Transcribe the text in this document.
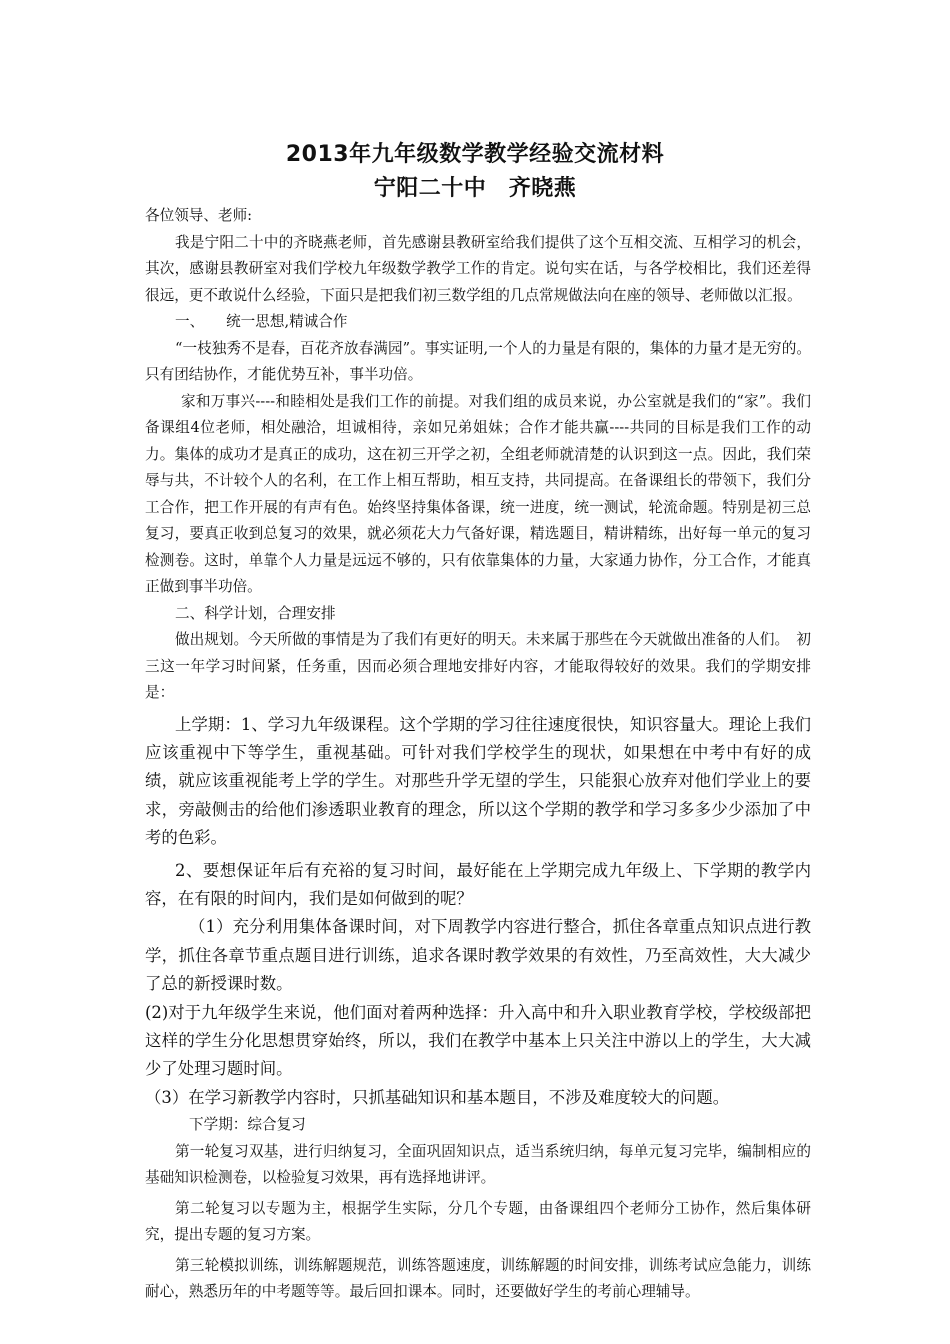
2013年九年级数学教学经验交流材料
宁阳二十中　齐晓燕

各位领导、老师:

我是宁阳二十中的齐晓燕老师，首先感谢县教研室给我们提供了这个互相交流、互相学习的机会，其次，感谢县教研室对我们学校九年级数学教学工作的肯定。说句实在话，与各学校相比，我们还差得很远，更不敢说什么经验，下面只是把我们初三数学组的几点常规做法向在座的领导、老师做以汇报。

一、　　统一思想,精诚合作

“一枝独秀不是春，百花齐放春满园”。事实证明,一个人的力量是有限的，集体的力量才是无穷的。只有团结协作，才能优势互补，事半功倍。

家和万事兴----和睦相处是我们工作的前提。对我们组的成员来说，办公室就是我们的“家”。我们备课组4位老师，相处融洽，坦诚相待，亲如兄弟姐妹；合作才能共赢----共同的目标是我们工作的动力。集体的成功才是真正的成功，这在初三开学之初，全组老师就清楚的认识到这一点。因此，我们荣辱与共，不计较个人的名利，在工作上相互帮助，相互支持，共同提高。在备课组长的带领下，我们分工合作，把工作开展的有声有色。始终坚持集体备课，统一进度，统一测试，轮流命题。特别是初三总复习，要真正收到总复习的效果，就必须花大力气备好课，精选题目，精讲精练，出好每一单元的复习检测卷。这时，单靠个人力量是远远不够的，只有依靠集体的力量，大家通力协作，分工合作，才能真正做到事半功倍。

二、科学计划，合理安排

做出规划。今天所做的事情是为了我们有更好的明天。未来属于那些在今天就做出准备的人们。　初三这一年学习时间紧，任务重，因而必须合理地安排好内容，才能取得较好的效果。我们的学期安排是：

上学期：1、学习九年级课程。这个学期的学习往往速度很快，知识容量大。理论上我们应该重视中下等学生，重视基础。可针对我们学校学生的现状，如果想在中考中有好的成绩，就应该重视能考上学的学生。对那些升学无望的学生，只能狠心放弃对他们学业上的要求，旁敲侧击的给他们渗透职业教育的理念，所以这个学期的教学和学习多多少少添加了中考的色彩。

2、要想保证年后有充裕的复习时间，最好能在上学期完成九年级上、下学期的教学内容，在有限的时间内，我们是如何做到的呢？

（1）充分利用集体备课时间，对下周教学内容进行整合，抓住各章重点知识点进行教学，抓住各章节重点题目进行训练，追求各课时教学效果的有效性，乃至高效性，大大减少了总的新授课时数。

(2)对于九年级学生来说，他们面对着两种选择：升入高中和升入职业教育学校，学校级部把这样的学生分化思想贯穿始终，所以，我们在教学中基本上只关注中游以上的学生，大大减少了处理习题时间。

（3）在学习新教学内容时，只抓基础知识和基本题目，不涉及难度较大的问题。

下学期：综合复习

第一轮复习双基，进行归纳复习，全面巩固知识点，适当系统归纳，每单元复习完毕，编制相应的基础知识检测卷，以检验复习效果，再有选择地讲评。

第二轮复习以专题为主，根据学生实际，分几个专题，由备课组四个老师分工协作，然后集体研究，提出专题的复习方案。

第三轮模拟训练，训练解题规范，训练答题速度，训练解题的时间安排，训练考试应急能力，训练耐心，熟悉历年的中考题等等。最后回扣课本。同时，还要做好学生的考前心理辅导。
